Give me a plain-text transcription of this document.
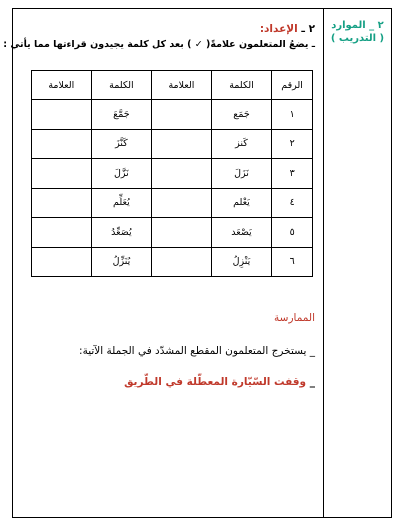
٢ _ الموارد
( التدريب )
٢ ـ الإعداد:
ـ يضعُ المتعلمون علامةً( ✓ ) بعد كل كلمة يجيدون قراءتها مما يأتي :
الرقم	الكلمة	العلامة	الكلمة	العلامة
١	جَمَع		جَمَّعَ	
٢	كَنز		كَنَّزَ	
٣	نَزَلَ		نَزَّلَ	
٤	يَعْلم		يُعَلِّم	
٥	يَصْعَد		يُصَعِّدُ	
٦	يَنْزِلُ		يُنَزِّلُ	
الممارسة
_ يستخرج المتعلمون المقطع المشدّد في الجملة الآتية:
_ وقفت السّيّارة المعطّلة في الطّريق
